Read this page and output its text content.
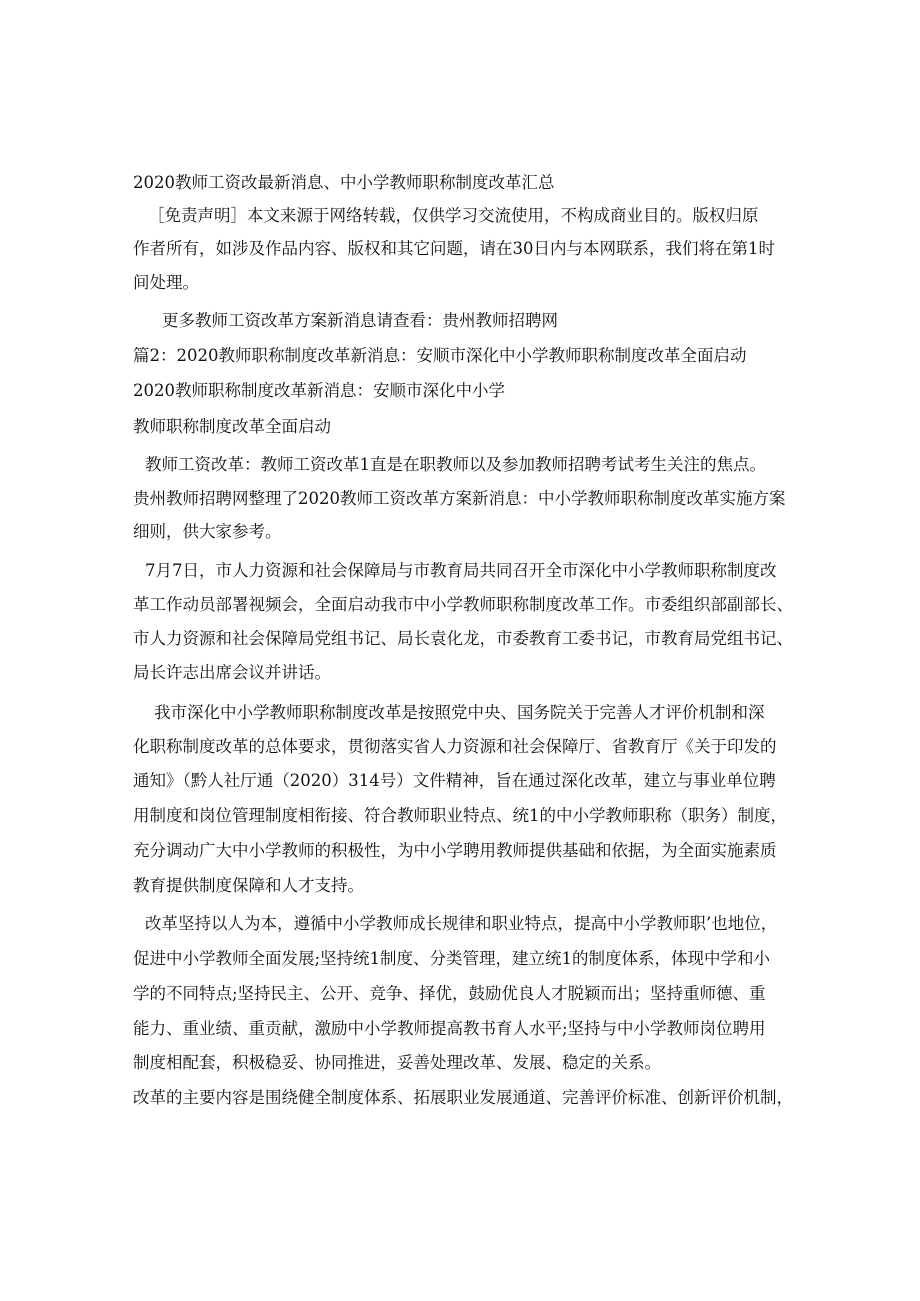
2020教师工资改最新消息、中小学教师职称制度改革汇总
［免责声明］本文来源于网络转载，仅供学习交流使用，不构成商业目的。版权归原
作者所有，如涉及作品内容、版权和其它问题，请在30日内与本网联系，我们将在第1时
间处理。
更多教师工资改革方案新消息请查看：贵州教师招聘网
篇2：2020教师职称制度改革新消息：安顺市深化中小学教师职称制度改革全面启动
2020教师职称制度改革新消息：安顺市深化中小学
教师职称制度改革全面启动
教师工资改革：教师工资改革1直是在职教师以及参加教师招聘考试考生关注的焦点。
贵州教师招聘网整理了2020教师工资改革方案新消息：中小学教师职称制度改革实施方案
细则，供大家参考。
7月7日，市人力资源和社会保障局与市教育局共同召开全市深化中小学教师职称制度改
革工作动员部署视频会，全面启动我市中小学教师职称制度改革工作。市委组织部副部长、
市人力资源和社会保障局党组书记、局长袁化龙，市委教育工委书记，市教育局党组书记、
局长许志出席会议并讲话。
我市深化中小学教师职称制度改革是按照党中央、国务院关于完善人才评价机制和深
化职称制度改革的总体要求，贯彻落实省人力资源和社会保障厅、省教育厅《关于印发的
通知》（黔人社厅通（2020）314号）文件精神，旨在通过深化改革，建立与事业单位聘
用制度和岗位管理制度相衔接、符合教师职业特点、统1的中小学教师职称（职务）制度，
充分调动广大中小学教师的积极性，为中小学聘用教师提供基础和依据，为全面实施素质
教育提供制度保障和人才支持。
改革坚持以人为本，遵循中小学教师成长规律和职业特点，提高中小学教师职’也地位，
促进中小学教师全面发展;坚持统1制度、分类管理，建立统1的制度体系，体现中学和小
学的不同特点;坚持民主、公开、竞争、择优，鼓励优良人才脱颖而出；坚持重师德、重
能力、重业绩、重贡献，激励中小学教师提高教书育人水平;坚持与中小学教师岗位聘用
制度相配套，积极稳妥、协同推进，妥善处理改革、发展、稳定的关系。
改革的主要内容是围绕健全制度体系、拓展职业发展通道、完善评价标准、创新评价机制，
